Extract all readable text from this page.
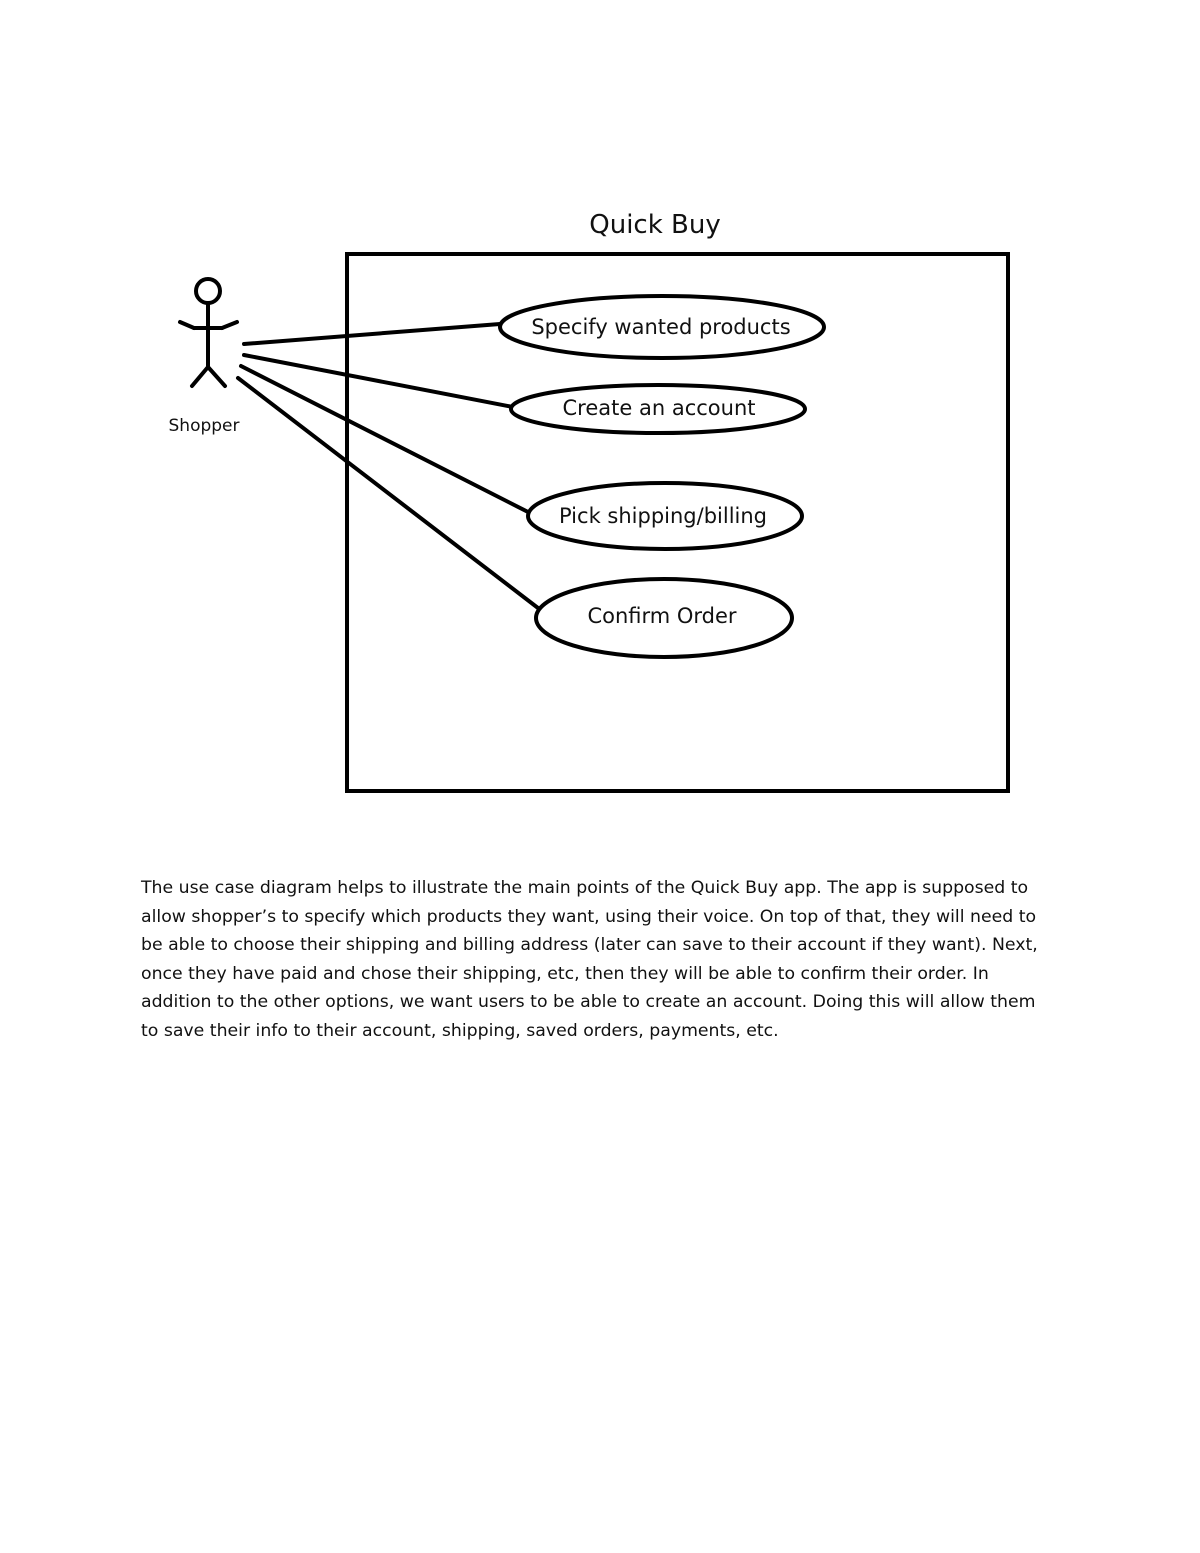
Quick Buy
Shopper
Specify wanted products
Create an account
Pick shipping/billing
Confirm Order

The use case diagram helps to illustrate the main points of the Quick Buy app. The app is supposed to
allow shopper’s to specify which products they want, using their voice. On top of that, they will need to
be able to choose their shipping and billing address (later can save to their account if they want). Next,
once they have paid and chose their shipping, etc, then they will be able to confirm their order. In
addition to the other options, we want users to be able to create an account. Doing this will allow them
to save their info to their account, shipping, saved orders, payments, etc.
